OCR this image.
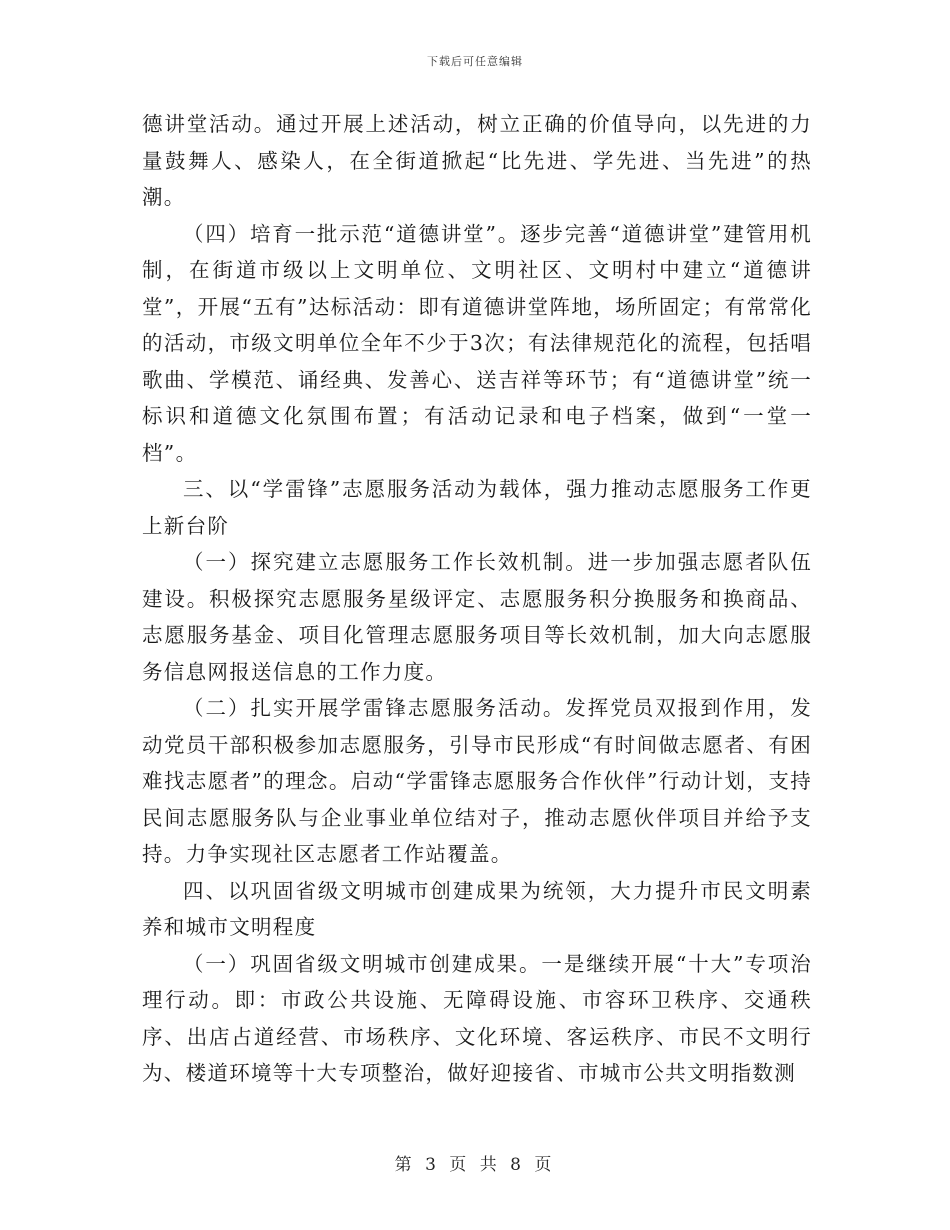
下载后可任意编辑

德讲堂活动。通过开展上述活动，树立正确的价值导向，以先进的力量鼓舞人、感染人，在全街道掀起“比先进、学先进、当先进”的热潮。

（四）培育一批示范“道德讲堂”。逐步完善“道德讲堂”建管用机制，在街道市级以上文明单位、文明社区、文明村中建立“道德讲堂”，开展“五有”达标活动：即有道德讲堂阵地，场所固定；有常常化的活动，市级文明单位全年不少于3次；有法律规范化的流程，包括唱歌曲、学模范、诵经典、发善心、送吉祥等环节；有“道德讲堂”统一标识和道德文化氛围布置；有活动记录和电子档案，做到“一堂一档”。

三、以“学雷锋”志愿服务活动为载体，强力推动志愿服务工作更上新台阶

（一）探究建立志愿服务工作长效机制。进一步加强志愿者队伍建设。积极探究志愿服务星级评定、志愿服务积分换服务和换商品、志愿服务基金、项目化管理志愿服务项目等长效机制，加大向志愿服务信息网报送信息的工作力度。

（二）扎实开展学雷锋志愿服务活动。发挥党员双报到作用，发动党员干部积极参加志愿服务，引导市民形成“有时间做志愿者、有困难找志愿者”的理念。启动“学雷锋志愿服务合作伙伴”行动计划，支持民间志愿服务队与企业事业单位结对子，推动志愿伙伴项目并给予支持。力争实现社区志愿者工作站覆盖。

四、以巩固省级文明城市创建成果为统领，大力提升市民文明素养和城市文明程度

（一）巩固省级文明城市创建成果。一是继续开展“十大”专项治理行动。即：市政公共设施、无障碍设施、市容环卫秩序、交通秩序、出店占道经营、市场秩序、文化环境、客运秩序、市民不文明行为、楼道环境等十大专项整治，做好迎接省、市城市公共文明指数测

第 3 页 共 8 页
